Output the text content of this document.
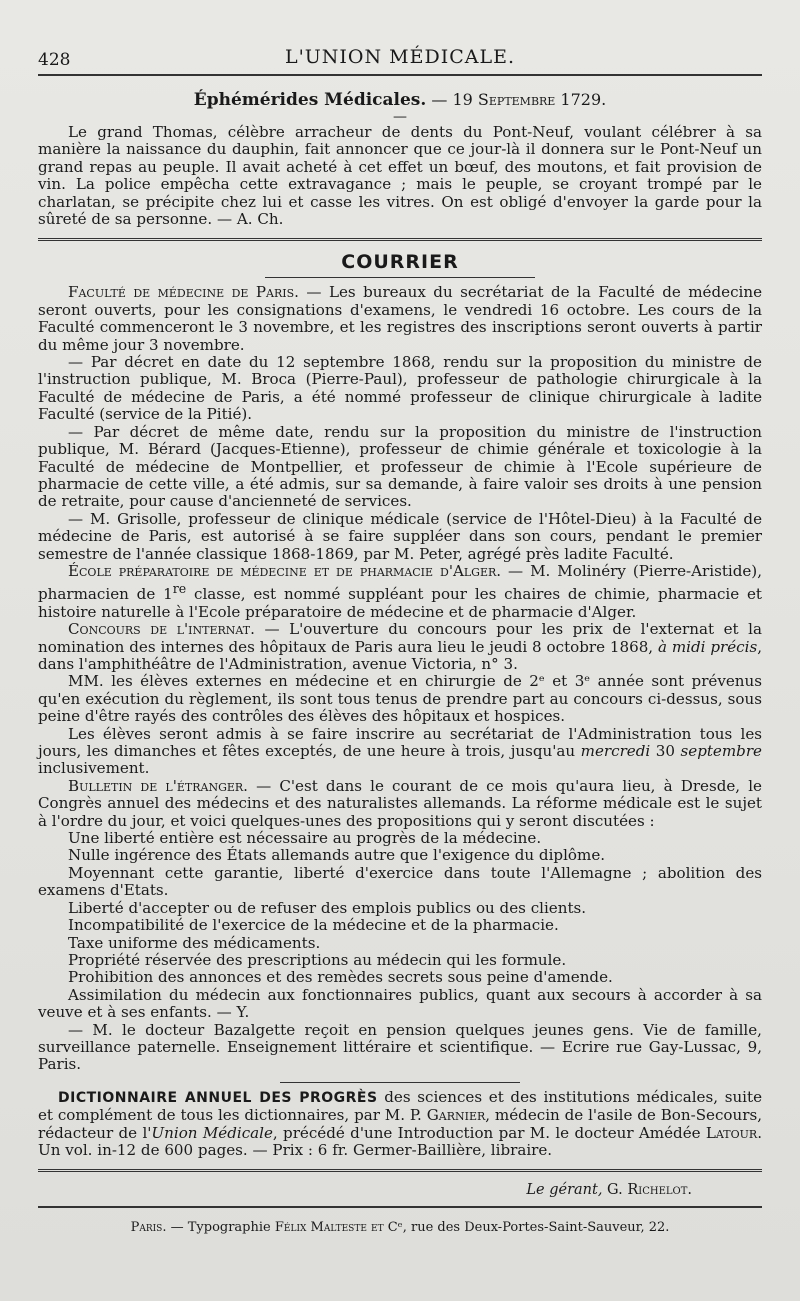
428	L'UNION MÉDICALE.
Éphémérides Médicales. — 19 Septembre 1729.
—

Le grand Thomas, célèbre arracheur de dents du Pont-Neuf, voulant célébrer à sa manière la naissance du dauphin, fait annoncer que ce jour-là il donnera sur le Pont-Neuf un grand repas au peuple. Il avait acheté à cet effet un bœuf, des moutons, et fait provision de vin. La police empêcha cette extravagance ; mais le peuple, se croyant trompé par le charlatan, se précipite chez lui et casse les vitres. On est obligé d'envoyer la garde pour la sûreté de sa personne. — A. Ch.

COURRIER

Faculté de médecine de Paris. — Les bureaux du secrétariat de la Faculté de médecine seront ouverts, pour les consignations d'examens, le vendredi 16 octobre. Les cours de la Faculté commenceront le 3 novembre, et les registres des inscriptions seront ouverts à partir du même jour 3 novembre.

— Par décret en date du 12 septembre 1868, rendu sur la proposition du ministre de l'instruction publique, M. Broca (Pierre-Paul), professeur de pathologie chirurgicale à la Faculté de médecine de Paris, a été nommé professeur de clinique chirurgicale à ladite Faculté (service de la Pitié).

— Par décret de même date, rendu sur la proposition du ministre de l'instruction publique, M. Bérard (Jacques-Etienne), professeur de chimie générale et toxicologie à la Faculté de médecine de Montpellier, et professeur de chimie à l'Ecole supérieure de pharmacie de cette ville, a été admis, sur sa demande, à faire valoir ses droits à une pension de retraite, pour cause d'ancienneté de services.

— M. Grisolle, professeur de clinique médicale (service de l'Hôtel-Dieu) à la Faculté de médecine de Paris, est autorisé à se faire suppléer dans son cours, pendant le premier semestre de l'année classique 1868-1869, par M. Peter, agrégé près ladite Faculté.

École préparatoire de médecine et de pharmacie d'Alger. — M. Molinéry (Pierre-Aristide), pharmacien de 1re classe, est nommé suppléant pour les chaires de chimie, pharmacie et histoire naturelle à l'Ecole préparatoire de médecine et de pharmacie d'Alger.

Concours de l'internat. — L'ouverture du concours pour les prix de l'externat et la nomination des internes des hôpitaux de Paris aura lieu le jeudi 8 octobre 1868, à midi précis, dans l'amphithéâtre de l'Administration, avenue Victoria, n° 3.

MM. les élèves externes en médecine et en chirurgie de 2ᵉ et 3ᵉ année sont prévenus qu'en exécution du règlement, ils sont tous tenus de prendre part au concours ci-dessus, sous peine d'être rayés des contrôles des élèves des hôpitaux et hospices.

Les élèves seront admis à se faire inscrire au secrétariat de l'Administration tous les jours, les dimanches et fêtes exceptés, de une heure à trois, jusqu'au mercredi 30 septembre inclusivement.

Bulletin de l'étranger. — C'est dans le courant de ce mois qu'aura lieu, à Dresde, le Congrès annuel des médecins et des naturalistes allemands. La réforme médicale est le sujet à l'ordre du jour, et voici quelques-unes des propositions qui y seront discutées :

Une liberté entière est nécessaire au progrès de la médecine.

Nulle ingérence des États allemands autre que l'exigence du diplôme.

Moyennant cette garantie, liberté d'exercice dans toute l'Allemagne ; abolition des examens d'Etats.

Liberté d'accepter ou de refuser des emplois publics ou des clients.

Incompatibilité de l'exercice de la médecine et de la pharmacie.

Taxe uniforme des médicaments.

Propriété réservée des prescriptions au médecin qui les formule.

Prohibition des annonces et des remèdes secrets sous peine d'amende.

Assimilation du médecin aux fonctionnaires publics, quant aux secours à accorder à sa veuve et à ses enfants. — Y.

— M. le docteur Bazalgette reçoit en pension quelques jeunes gens. Vie de famille, surveillance paternelle. Enseignement littéraire et scientifique. — Ecrire rue Gay-Lussac, 9, Paris.

DICTIONNAIRE ANNUEL DES PROGRÈS des sciences et des institutions médicales, suite et complément de tous les dictionnaires, par M. P. Garnier, médecin de l'asile de Bon-Secours, rédacteur de l'Union Médicale, précédé d'une Introduction par M. le docteur Amédée Latour. Un vol. in-12 de 600 pages. — Prix : 6 fr. Germer-Baillière, libraire.

Le gérant, G. Richelot.
Paris. — Typographie Félix Malteste et Cᵉ, rue des Deux-Portes-Saint-Sauveur, 22.
